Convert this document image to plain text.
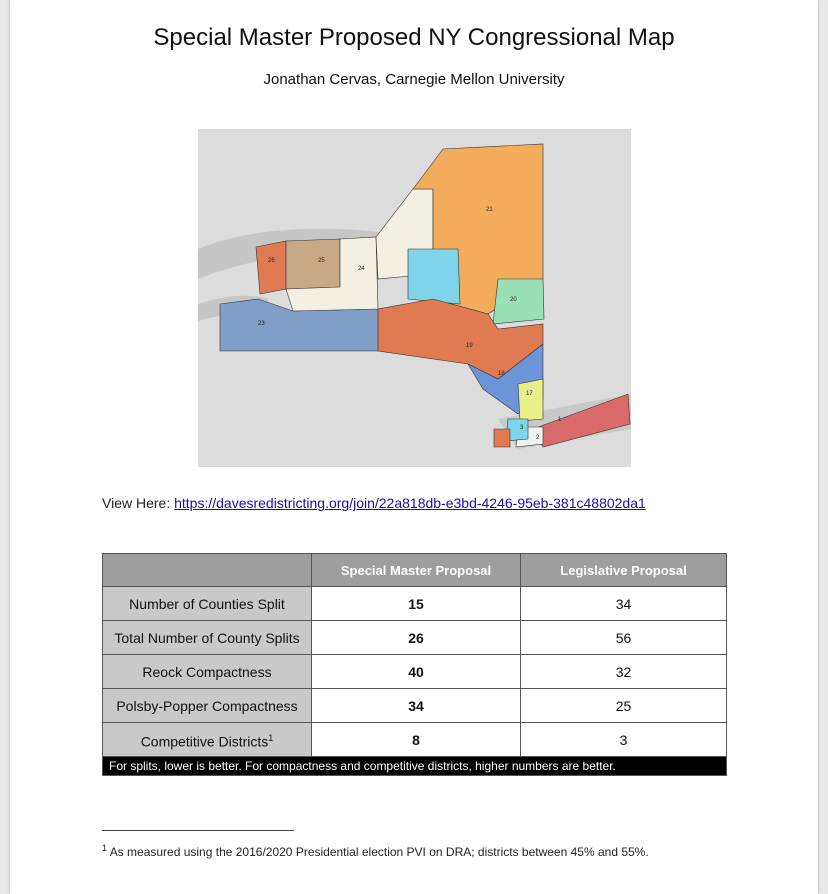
Special Master Proposed NY Congressional Map
Jonathan Cervas, Carnegie Mellon University
26	25
24
23
21
20
19
18
17
1
2
3
View Here: https://davesredistricting.org/join/22a818db-e3bd-4246-95eb-381c48802da1
	Special Master Proposal	Legislative Proposal
Number of Counties Split	15	34
Total Number of County Splits	26	56
Reock Compactness	40	32
Polsby-Popper Compactness	34	25
Competitive Districts$^1$	8	3
For splits, lower is better. For compactness and competitive districts, higher numbers are better.		
$^1$ As measured using the 2016/2020 Presidential election PVI on DRA; districts between 45% and 55%.
